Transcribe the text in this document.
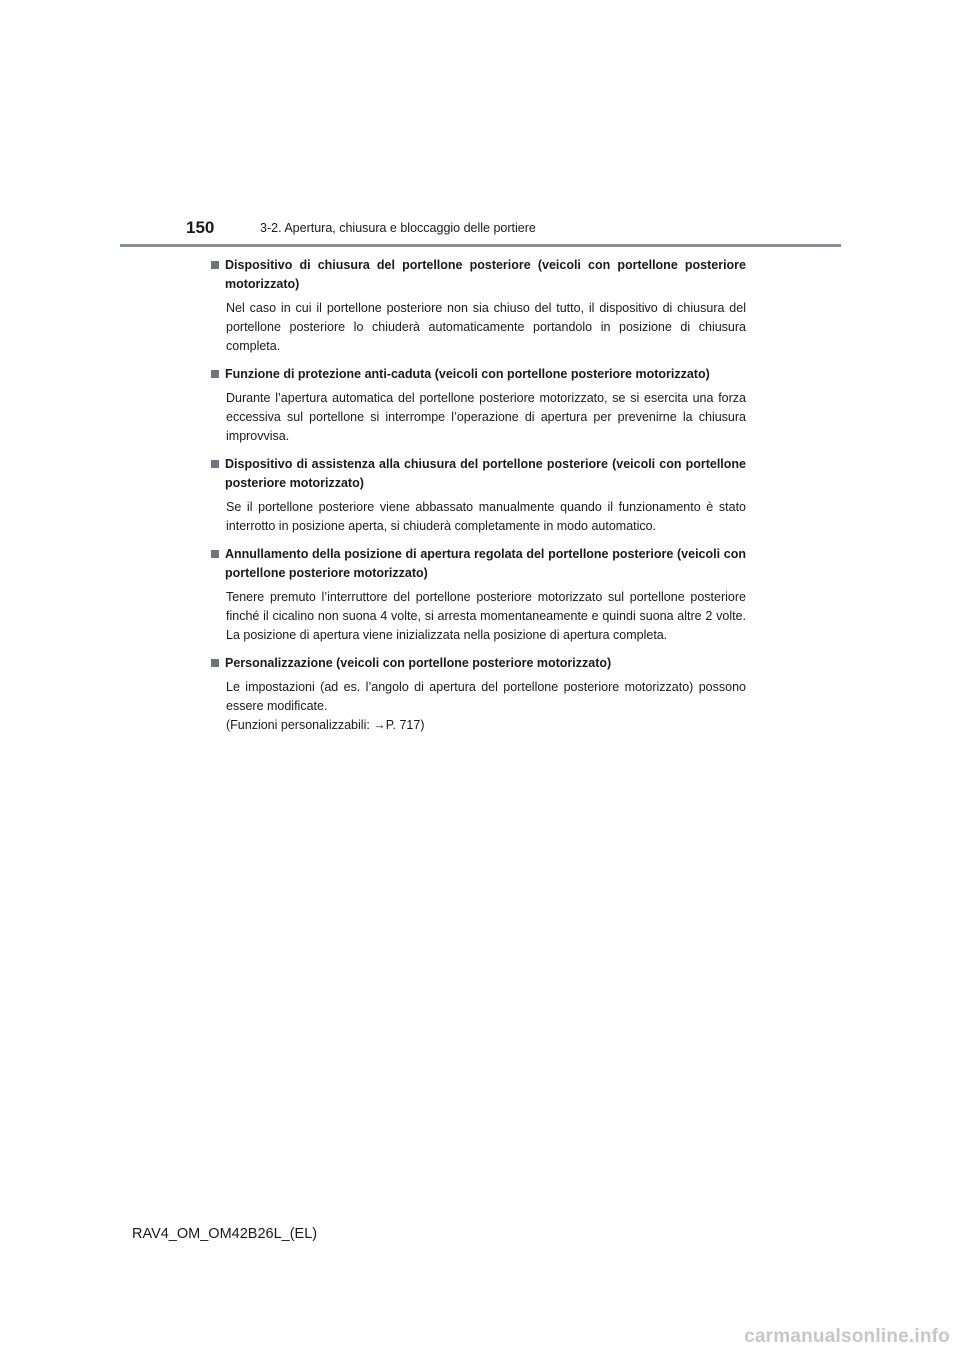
150	3-2. Apertura, chiusura e bloccaggio delle portiere
Dispositivo di chiusura del portellone posteriore (veicoli con portellone posteriore motorizzato)
Nel caso in cui il portellone posteriore non sia chiuso del tutto, il dispositivo di chiusura del portellone posteriore lo chiuderà automaticamente portandolo in posizione di chiusura completa.
Funzione di protezione anti-caduta (veicoli con portellone posteriore motorizzato)
Durante l’apertura automatica del portellone posteriore motorizzato, se si esercita una forza eccessiva sul portellone si interrompe l’operazione di apertura per prevenirne la chiusura improvvisa.
Dispositivo di assistenza alla chiusura del portellone posteriore (veicoli con portellone posteriore motorizzato)
Se il portellone posteriore viene abbassato manualmente quando il funzionamento è stato interrotto in posizione aperta, si chiuderà completamente in modo automatico.
Annullamento della posizione di apertura regolata del portellone posteriore (veicoli con portellone posteriore motorizzato)
Tenere premuto l’interruttore del portellone posteriore motorizzato sul portellone posteriore finché il cicalino non suona 4 volte, si arresta momentaneamente e quindi suona altre 2 volte. La posizione di apertura viene inizializzata nella posizione di apertura completa.
Personalizzazione (veicoli con portellone posteriore motorizzato)
Le impostazioni (ad es. l’angolo di apertura del portellone posteriore motorizzato) possono essere modificate.
(Funzioni personalizzabili: →P. 717)
RAV4_OM_OM42B26L_(EL)
carmanualsonline.info
